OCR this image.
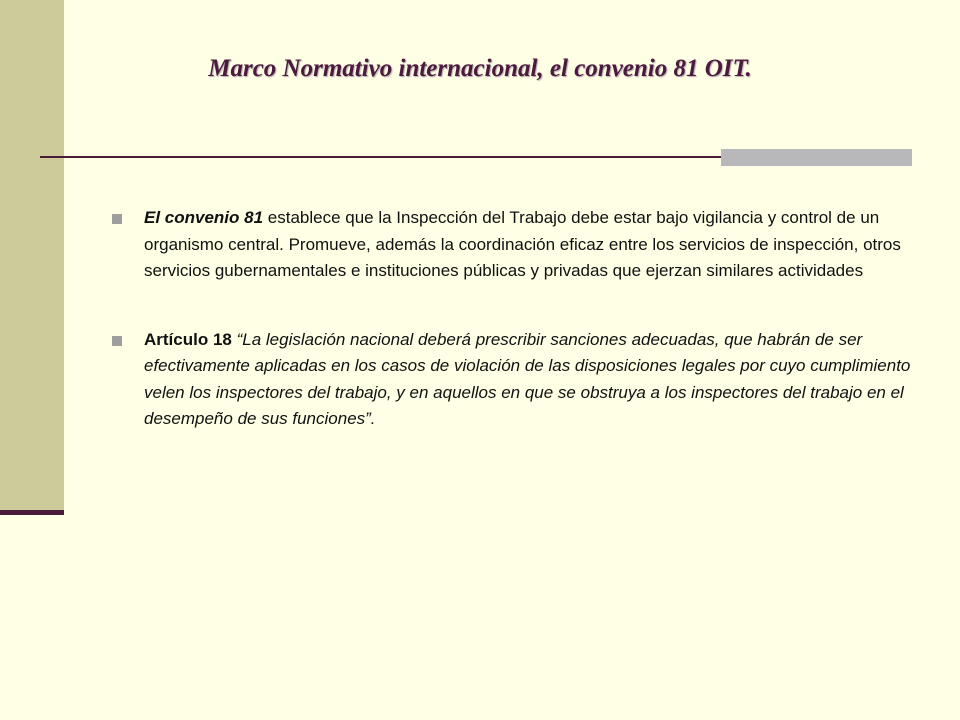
Marco Normativo internacional, el convenio 81 OIT.
El convenio 81 establece que la Inspección del Trabajo debe estar bajo vigilancia y control de un organismo central. Promueve, además la coordinación eficaz entre los servicios de inspección, otros servicios gubernamentales e instituciones públicas y privadas que ejerzan similares actividades
Artículo 18 “La legislación nacional deberá prescribir sanciones adecuadas, que habrán de ser efectivamente aplicadas en los casos de violación de las disposiciones legales por cuyo cumplimiento velen los inspectores del trabajo, y en aquellos en que se obstruya a los inspectores del trabajo en el desempeño de sus funciones”.
